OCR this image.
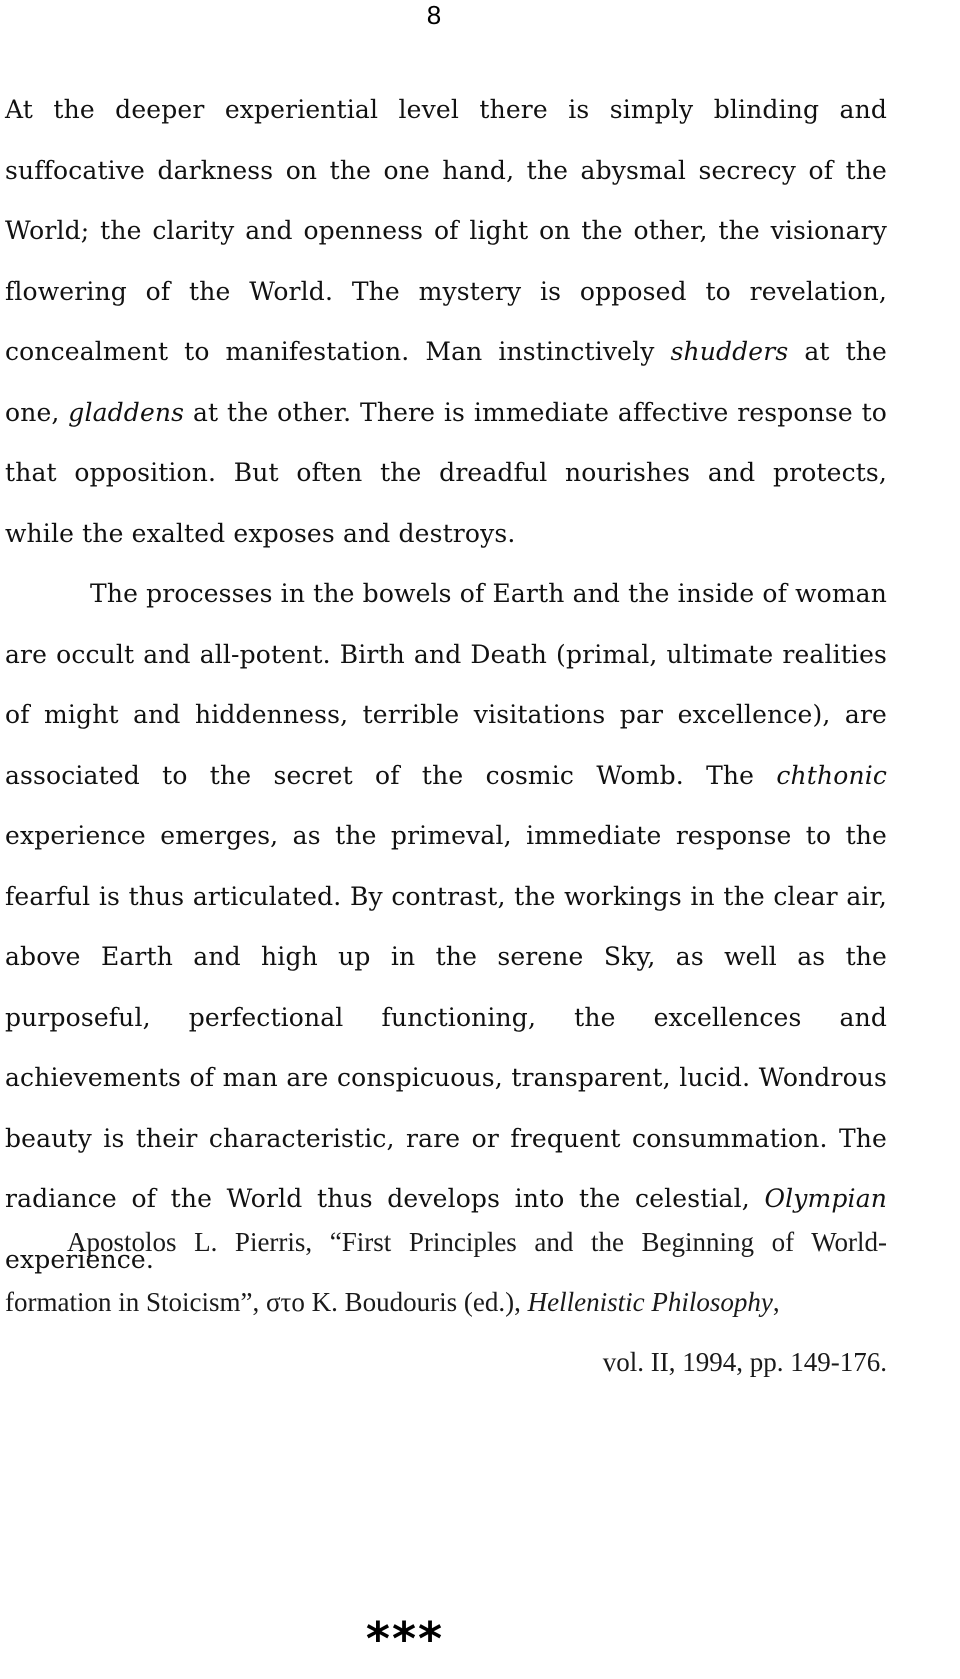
8

At the deeper experiential level there is simply blinding and suffocative darkness on the one hand, the abysmal secrecy of the World; the clarity and openness of light on the other, the visionary flowering of the World. The mystery is opposed to revelation, concealment to manifestation. Man instinctively shudders at the one, gladdens at the other. There is immediate affective response to that opposition. But often the dreadful nourishes and protects, while the exalted exposes and destroys.

The processes in the bowels of Earth and the inside of woman are occult and all-potent. Birth and Death (primal, ultimate realities of might and hiddenness, terrible visitations par excellence), are associated to the secret of the cosmic Womb. The chthonic experience emerges, as the primeval, immediate response to the fearful is thus articulated. By contrast, the workings in the clear air, above Earth and high up in the serene Sky, as well as the purposeful, perfectional functioning, the excellences and achievements of man are conspicuous, transparent, lucid. Wondrous beauty is their characteristic, rare or frequent consummation. The radiance of the World thus develops into the celestial, Olympian experience.

Apostolos L. Pierris, “First Principles and the Beginning of World-formation in Stoicism”, στο K. Boudouris (ed.), Hellenistic Philosophy,

vol. II, 1994, pp. 149-176.

***
